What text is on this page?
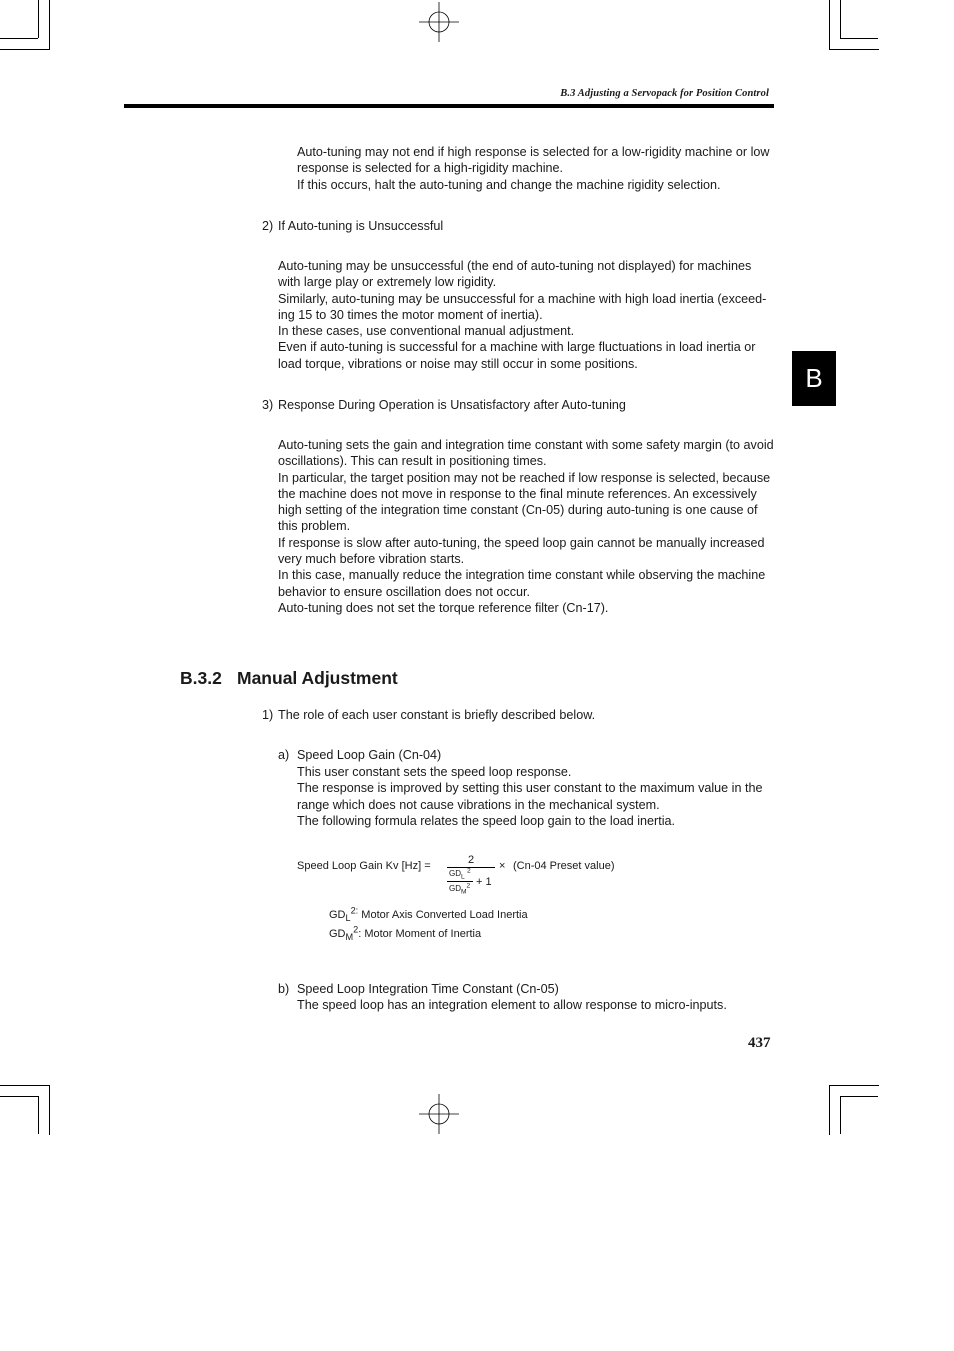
B.3 Adjusting a Servopack for Position Control
B
Auto-tuning may not end if high response is selected for a low-rigidity machine or low
response is selected for a high-rigidity machine.
If this occurs, halt the auto-tuning and change the machine rigidity selection.
2) If Auto-tuning is Unsuccessful
Auto-tuning may be unsuccessful (the end of auto-tuning not displayed) for machines
with large play or extremely low rigidity.
Similarly, auto-tuning may be unsuccessful for a machine with high load inertia (exceed-
ing 15 to 30 times the motor moment of inertia).
In these cases, use conventional manual adjustment.
Even if auto-tuning is successful for a machine with large fluctuations in load inertia or
load torque, vibrations or noise may still occur in some positions.
3) Response During Operation is Unsatisfactory after Auto-tuning
Auto-tuning sets the gain and integration time constant with some safety margin (to avoid
oscillations). This can result in positioning times.
In particular, the target position may not be reached if low response is selected, because
the machine does not move in response to the final minute references. An excessively
high setting of the integration time constant (Cn-05) during auto-tuning is one cause of
this problem.
If response is slow after auto-tuning, the speed loop gain cannot be manually increased
very much before vibration starts.
In this case, manually reduce the integration time constant while observing the machine
behavior to ensure oscillation does not occur.
Auto-tuning does not set the torque reference filter (Cn-17).
B.3.2 Manual Adjustment
1) The role of each user constant is briefly described below.
a) Speed Loop Gain (Cn-04)
This user constant sets the speed loop response.
The response is improved by setting this user constant to the maximum value in the
range which does not cause vibrations in the mechanical system.
The following formula relates the speed loop gain to the load inertia.
Speed Loop Gain Kv [Hz] =	2
$GD_L$ $^2$
$GD_M^2 + 1$
× (Cn-04 Preset value)
$GD_L^{2:}$ Motor Axis Converted Load Inertia
$GD_M^2$: Motor Moment of Inertia
b) Speed Loop Integration Time Constant (Cn-05)
The speed loop has an integration element to allow response to micro-inputs.
437
